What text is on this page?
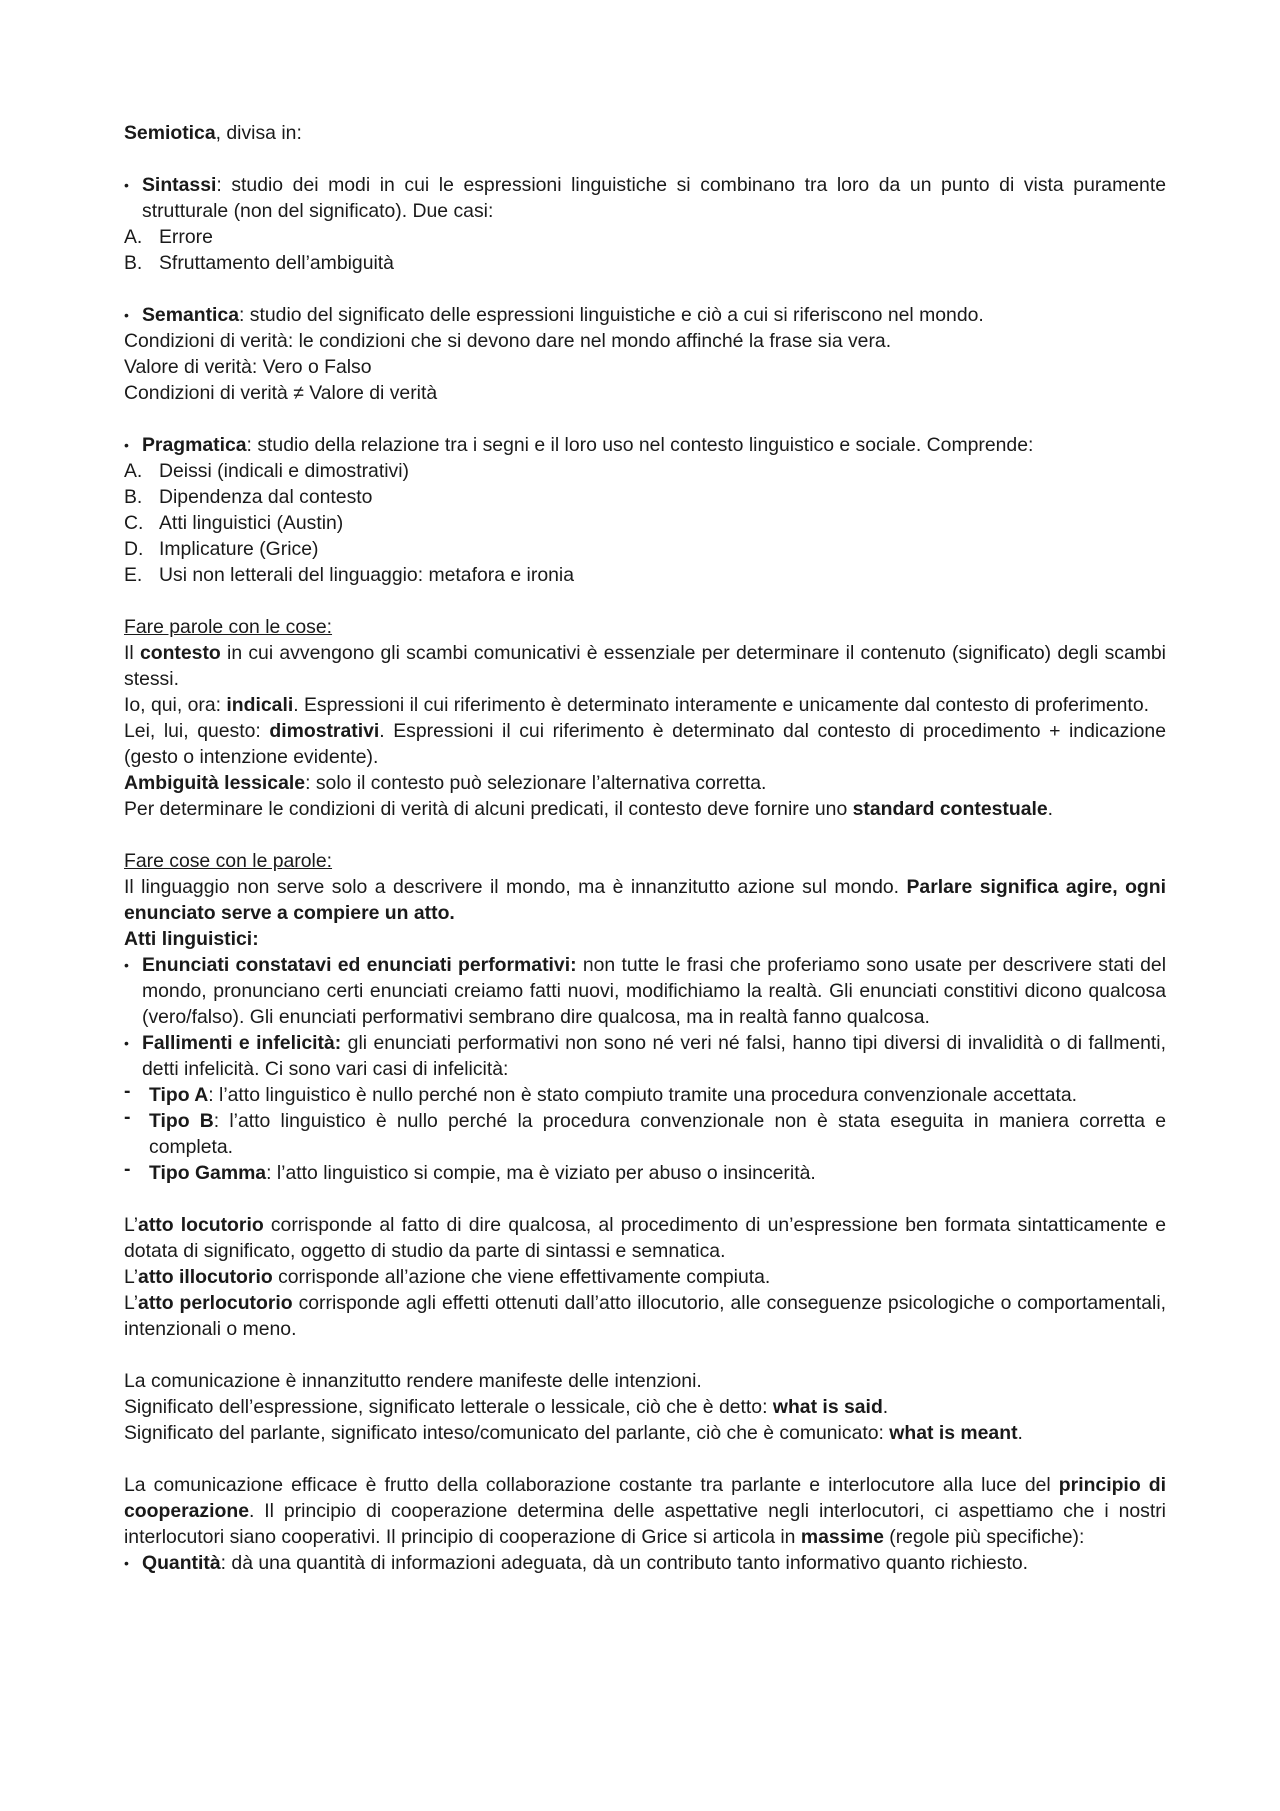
Semiotica, divisa in:

• Sintassi: studio dei modi in cui le espressioni linguistiche si combinano tra loro da un punto di vista puramente strutturale (non del significato). Due casi:
A. Errore
B. Sfruttamento dell’ambiguità
• Semantica: studio del significato delle espressioni linguistiche e ciò a cui si riferiscono nel mondo.

Condizioni di verità: le condizioni che si devono dare nel mondo affinché la frase sia vera.

Valore di verità: Vero o Falso

Condizioni di verità ≠ Valore di verità

• Pragmatica: studio della relazione tra i segni e il loro uso nel contesto linguistico e sociale. Comprende:
A. Deissi (indicali e dimostrativi)
B. Dipendenza dal contesto
C. Atti linguistici (Austin)
D. Implicature (Grice)
E. Usi non letterali del linguaggio: metafora e ironia

Fare parole con le cose:

Il contesto in cui avvengono gli scambi comunicativi è essenziale per determinare il contenuto (significato) degli scambi stessi.

Io, qui, ora: indicali. Espressioni il cui riferimento è determinato interamente e unicamente dal contesto di proferimento.

Lei, lui, questo: dimostrativi. Espressioni il cui riferimento è determinato dal contesto di procedimento + indicazione (gesto o intenzione evidente).

Ambiguità lessicale: solo il contesto può selezionare l’alternativa corretta.

Per determinare le condizioni di verità di alcuni predicati, il contesto deve fornire uno standard contestuale.

Fare cose con le parole:

Il linguaggio non serve solo a descrivere il mondo, ma è innanzitutto azione sul mondo. Parlare significa agire, ogni enunciato serve a compiere un atto.

Atti linguistici:

• Enunciati constatavi ed enunciati performativi: non tutte le frasi che proferiamo sono usate per descrivere stati del mondo, pronunciano certi enunciati creiamo fatti nuovi, modifichiamo la realtà. Gli enunciati constitivi dicono qualcosa (vero/falso). Gli enunciati performativi sembrano dire qualcosa, ma in realtà fanno qualcosa.
• Fallimenti e infelicità: gli enunciati performativi non sono né veri né falsi, hanno tipi diversi di invalidità o di fallmenti, detti infelicità. Ci sono vari casi di infelicità:
- Tipo A: l’atto linguistico è nullo perché non è stato compiuto tramite una procedura convenzionale accettata.
- Tipo B: l’atto linguistico è nullo perché la procedura convenzionale non è stata eseguita in maniera corretta e completa.
- Tipo Gamma: l’atto linguistico si compie, ma è viziato per abuso o insincerità.

L’atto locutorio corrisponde al fatto di dire qualcosa, al procedimento di un’espressione ben formata sintatticamente e dotata di significato, oggetto di studio da parte di sintassi e semnatica.

L’atto illocutorio corrisponde all’azione che viene effettivamente compiuta.

L’atto perlocutorio corrisponde agli effetti ottenuti dall’atto illocutorio, alle conseguenze psicologiche o comportamentali, intenzionali o meno.

La comunicazione è innanzitutto rendere manifeste delle intenzioni.

Significato dell’espressione, significato letterale o lessicale, ciò che è detto: what is said.

Significato del parlante, significato inteso/comunicato del parlante, ciò che è comunicato: what is meant.

La comunicazione efficace è frutto della collaborazione costante tra parlante e interlocutore alla luce del principio di cooperazione. Il principio di cooperazione determina delle aspettative negli interlocutori, ci aspettiamo che i nostri interlocutori siano cooperativi. Il principio di cooperazione di Grice si articola in massime (regole più specifiche):

• Quantità: dà una quantità di informazioni adeguata, dà un contributo tanto informativo quanto richiesto.
